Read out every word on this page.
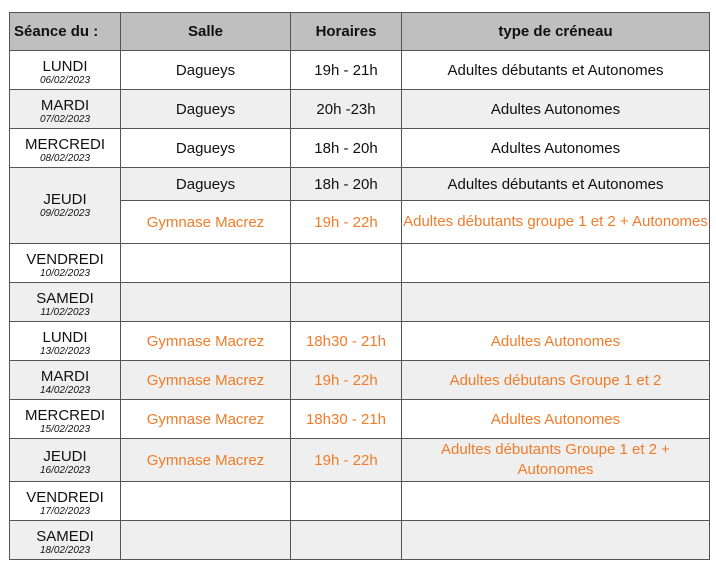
Séance du :	Salle	Horaires	type de créneau

LUNDI
06/02/2023	Dagueys	19h - 21h	Adultes débutants et Autonomes

MARDI
07/02/2023	Dagueys	20h -23h	Adultes Autonomes

MERCREDI
08/02/2023	Dagueys	18h - 20h	Adultes Autonomes

JEUDI
09/02/2023	Dagueys	18h - 20h	Adultes débutants et Autonomes
	Gymnase Macrez	19h - 22h	Adultes débutants groupe 1 et 2 + Autonomes

VENDREDI
10/02/2023			

SAMEDI
11/02/2023			

LUNDI
13/02/2023	Gymnase Macrez	18h30 - 21h	Adultes Autonomes

MARDI
14/02/2023	Gymnase Macrez	19h - 22h	Adultes débutans Groupe 1 et 2

MERCREDI
15/02/2023	Gymnase Macrez	18h30 - 21h	Adultes Autonomes

JEUDI
16/02/2023	Gymnase Macrez	19h - 22h	Adultes débutants Groupe 1 et 2 + Autonomes

VENDREDI
17/02/2023			

SAMEDI
18/02/2023			
